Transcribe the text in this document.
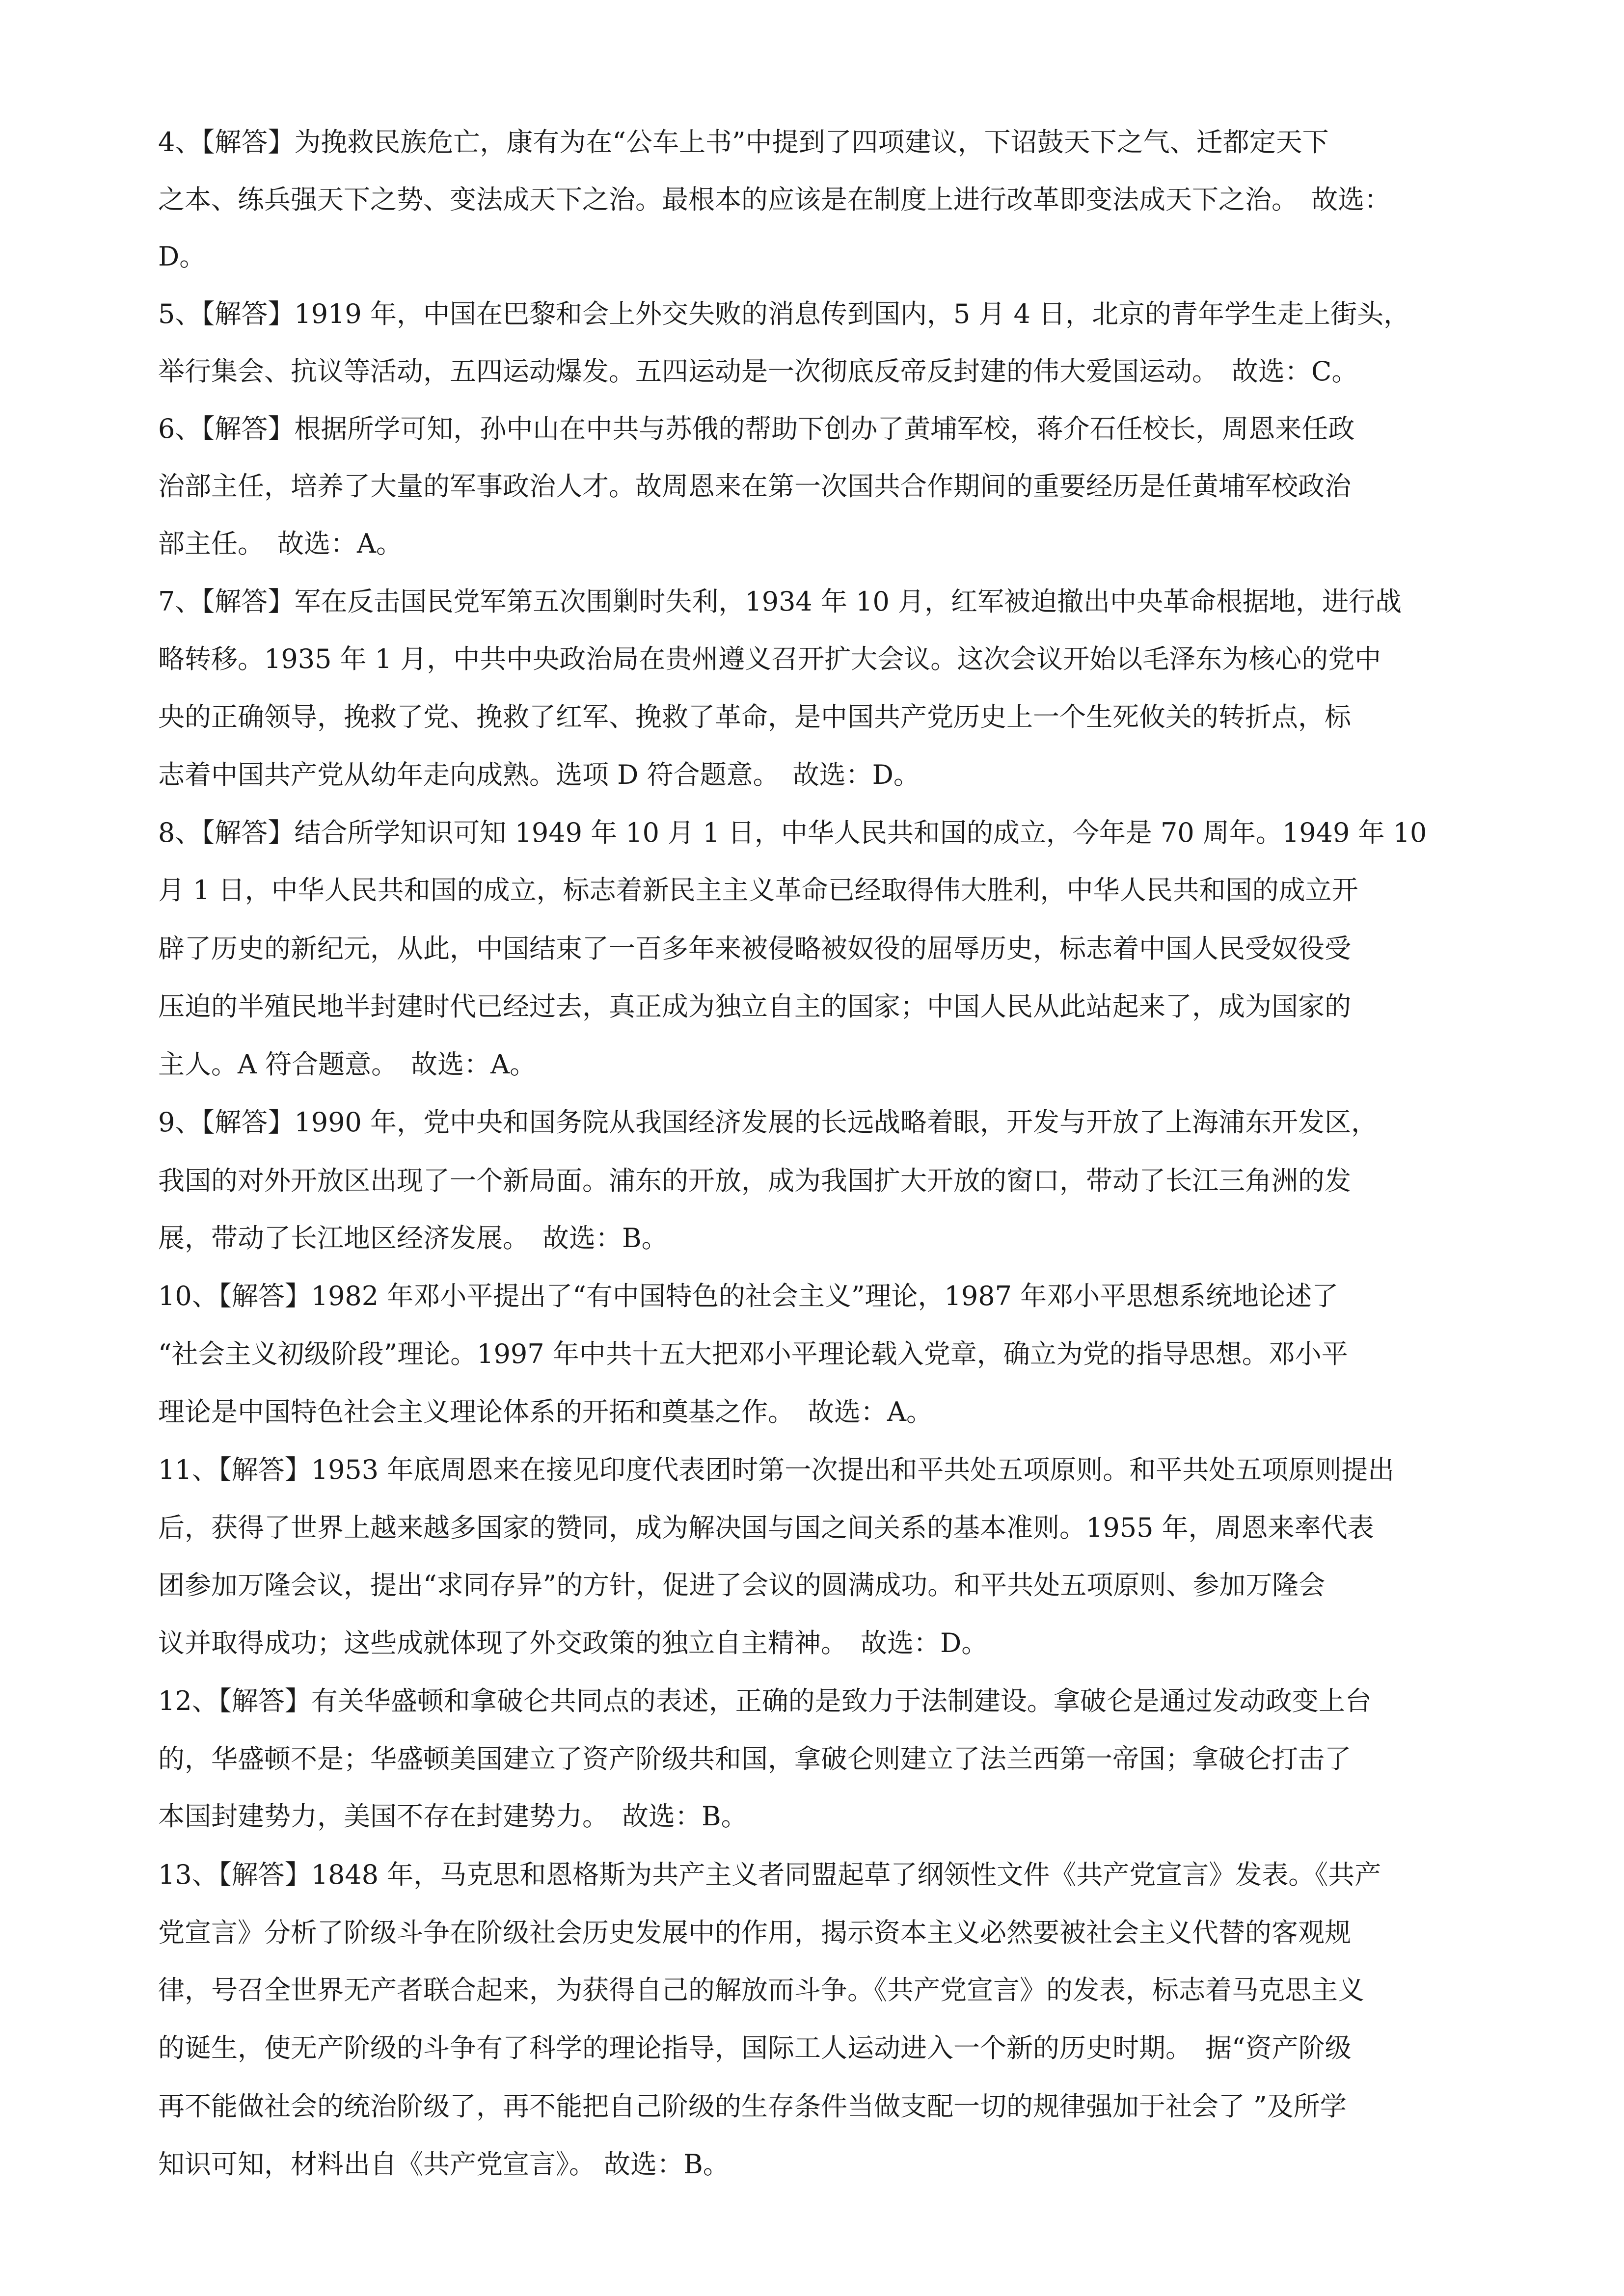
4、【解答】为挽救民族危亡，康有为在“公车上书”中提到了四项建议，下诏鼓天下之气、迁都定天下
之本、练兵强天下之势、变法成天下之治。最根本的应该是在制度上进行改革即变法成天下之治。　故选：
D。
5、【解答】1919 年，中国在巴黎和会上外交失败的消息传到国内，5 月 4 日，北京的青年学生走上街头，
举行集会、抗议等活动，五四运动爆发。五四运动是一次彻底反帝反封建的伟大爱国运动。　故选：C。
6、【解答】根据所学可知，孙中山在中共与苏俄的帮助下创办了黄埔军校，蒋介石任校长，周恩来任政
治部主任，培养了大量的军事政治人才。故周恩来在第一次国共合作期间的重要经历是任黄埔军校政治
部主任。　故选：A。
7、【解答】军在反击国民党军第五次围剿时失利，1934 年 10 月，红军被迫撤出中央革命根据地，进行战
略转移。1935 年 1 月，中共中央政治局在贵州遵义召开扩大会议。这次会议开始以毛泽东为核心的党中
央的正确领导，挽救了党、挽救了红军、挽救了革命，是中国共产党历史上一个生死攸关的转折点，标
志着中国共产党从幼年走向成熟。选项 D 符合题意。　故选：D。
8、【解答】结合所学知识可知 1949 年 10 月 1 日，中华人民共和国的成立，今年是 70 周年。1949 年 10
月 1 日，中华人民共和国的成立，标志着新民主主义革命已经取得伟大胜利，中华人民共和国的成立开
辟了历史的新纪元，从此，中国结束了一百多年来被侵略被奴役的屈辱历史，标志着中国人民受奴役受
压迫的半殖民地半封建时代已经过去，真正成为独立自主的国家；中国人民从此站起来了，成为国家的
主人。A 符合题意。　故选：A。
9、【解答】1990 年，党中央和国务院从我国经济发展的长远战略着眼，开发与开放了上海浦东开发区，
我国的对外开放区出现了一个新局面。浦东的开放，成为我国扩大开放的窗口，带动了长江三角洲的发
展，带动了长江地区经济发展。　故选：B。
10、【解答】1982 年邓小平提出了“有中国特色的社会主义”理论，1987 年邓小平思想系统地论述了
“社会主义初级阶段”理论。1997 年中共十五大把邓小平理论载入党章，确立为党的指导思想。邓小平
理论是中国特色社会主义理论体系的开拓和奠基之作。　故选：A。
11、【解答】1953 年底周恩来在接见印度代表团时第一次提出和平共处五项原则。和平共处五项原则提出
后，获得了世界上越来越多国家的赞同，成为解决国与国之间关系的基本准则。1955 年，周恩来率代表
团参加万隆会议，提出“求同存异”的方针，促进了会议的圆满成功。和平共处五项原则、参加万隆会
议并取得成功；这些成就体现了外交政策的独立自主精神。　故选：D。
12、【解答】有关华盛顿和拿破仑共同点的表述，正确的是致力于法制建设。拿破仑是通过发动政变上台
的，华盛顿不是；华盛顿美国建立了资产阶级共和国，拿破仑则建立了法兰西第一帝国；拿破仑打击了
本国封建势力，美国不存在封建势力。　故选：B。
13、【解答】1848 年，马克思和恩格斯为共产主义者同盟起草了纲领性文件《共产党宣言》发表。《共产
党宣言》分析了阶级斗争在阶级社会历史发展中的作用，揭示资本主义必然要被社会主义代替的客观规
律，号召全世界无产者联合起来，为获得自己的解放而斗争。《共产党宣言》的发表，标志着马克思主义
的诞生，使无产阶级的斗争有了科学的理论指导，国际工人运动进入一个新的历史时期。　据“资产阶级
再不能做社会的统治阶级了，再不能把自己阶级的生存条件当做支配一切的规律强加于社会了 ”及所学
知识可知，材料出自《共产党宣言》。 故选：B。
